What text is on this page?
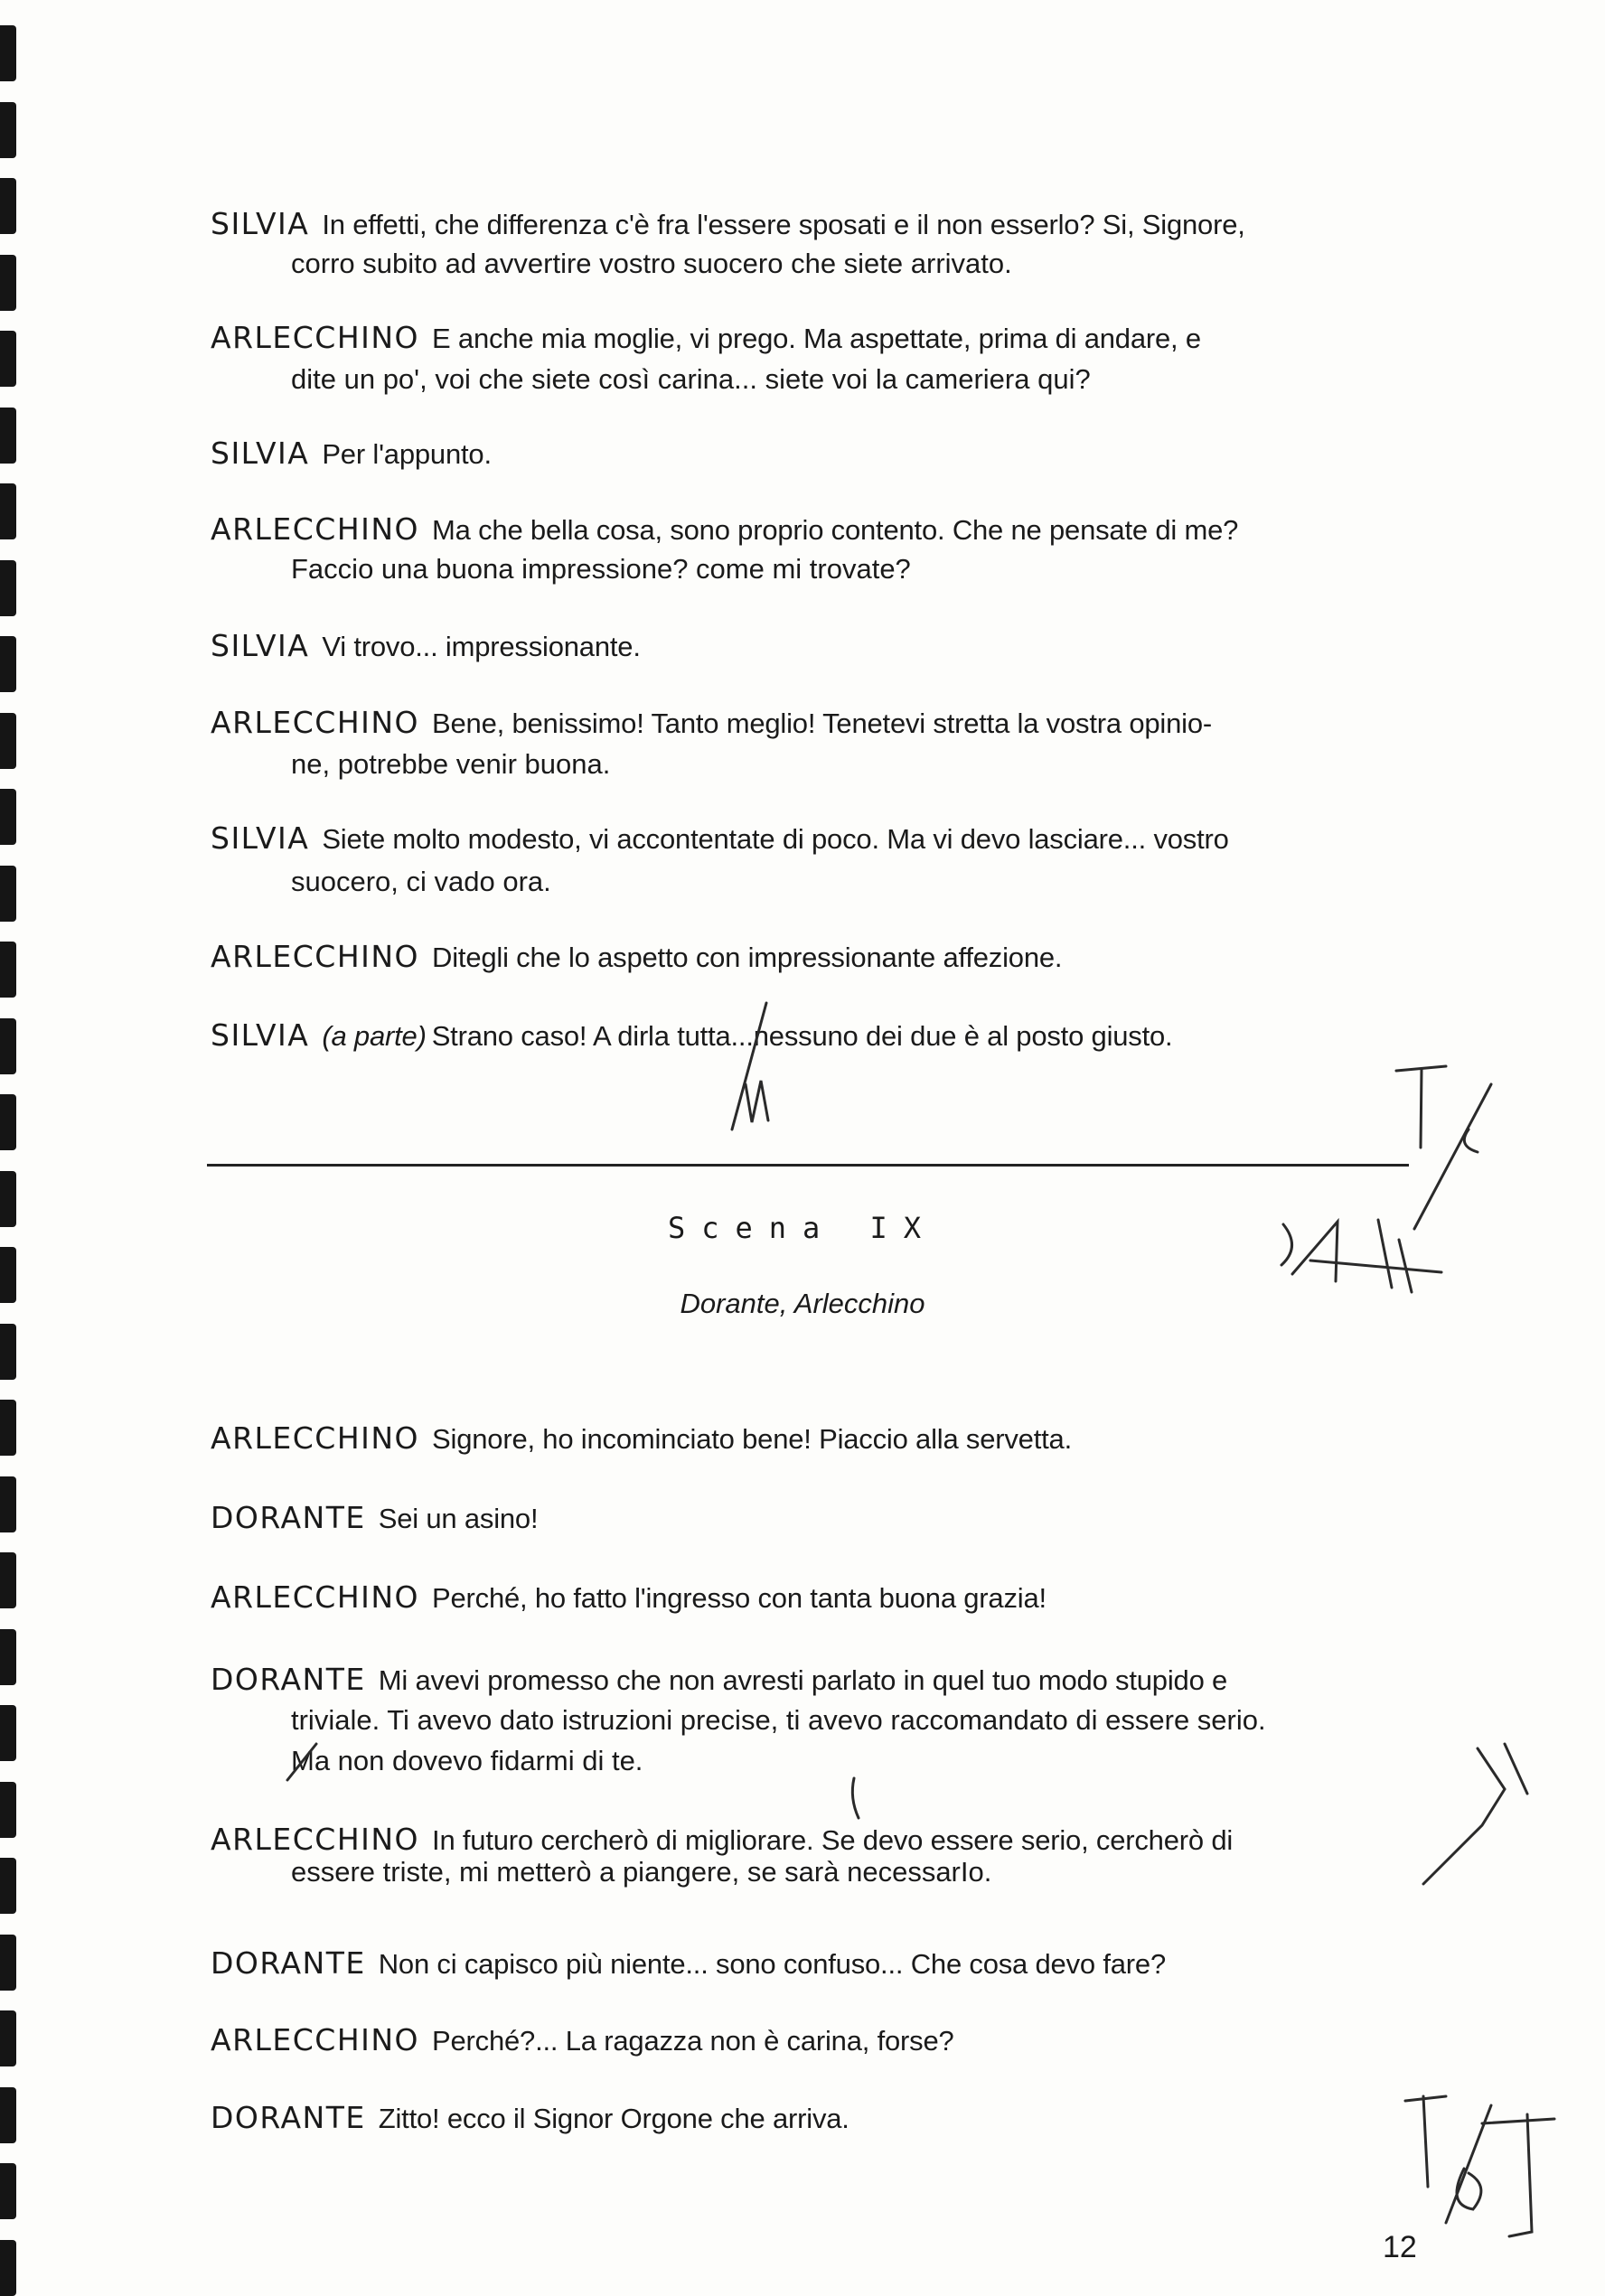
SILVIA In effetti, che differenza c'è fra l'essere sposati e il non esserlo? Si, Signore,
corro subito ad avvertire vostro suocero che siete arrivato.
ARLECCHINO E anche mia moglie, vi prego. Ma aspettate, prima di andare, e
dite un po', voi che siete così carina... siete voi la cameriera qui?
SILVIA Per l'appunto.
ARLECCHINO Ma che bella cosa, sono proprio contento. Che ne pensate di me?
Faccio una buona impressione? come mi trovate?
SILVIA Vi trovo... impressionante.
ARLECCHINO Bene, benissimo! Tanto meglio! Tenetevi stretta la vostra opinio-
ne, potrebbe venir buona.
SILVIA Siete molto modesto, vi accontentate di poco. Ma vi devo lasciare... vostro
suocero, ci vado ora.
ARLECCHINO Ditegli che lo aspetto con impressionante affezione.
SILVIA (a parte) Strano caso! A dirla tutta...nessuno dei due è al posto giusto.
Scena IX
Dorante, Arlecchino
ARLECCHINO Signore, ho incominciato bene! Piaccio alla servetta.
DORANTE Sei un asino!
ARLECCHINO Perché, ho fatto l'ingresso con tanta buona grazia!
DORANTE Mi avevi promesso che non avresti parlato in quel tuo modo stupido e
triviale. Ti avevo dato istruzioni precise, ti avevo raccomandato di essere serio.
Ma non dovevo fidarmi di te.
ARLECCHINO In futuro cercherò di migliorare. Se devo essere serio, cercherò di
essere triste, mi metterò a piangere, se sarà necessarIo.
DORANTE Non ci capisco più niente... sono confuso... Che cosa devo fare?
ARLECCHINO Perché?... La ragazza non è carina, forse?
DORANTE Zitto! ecco il Signor Orgone che arriva.
12
